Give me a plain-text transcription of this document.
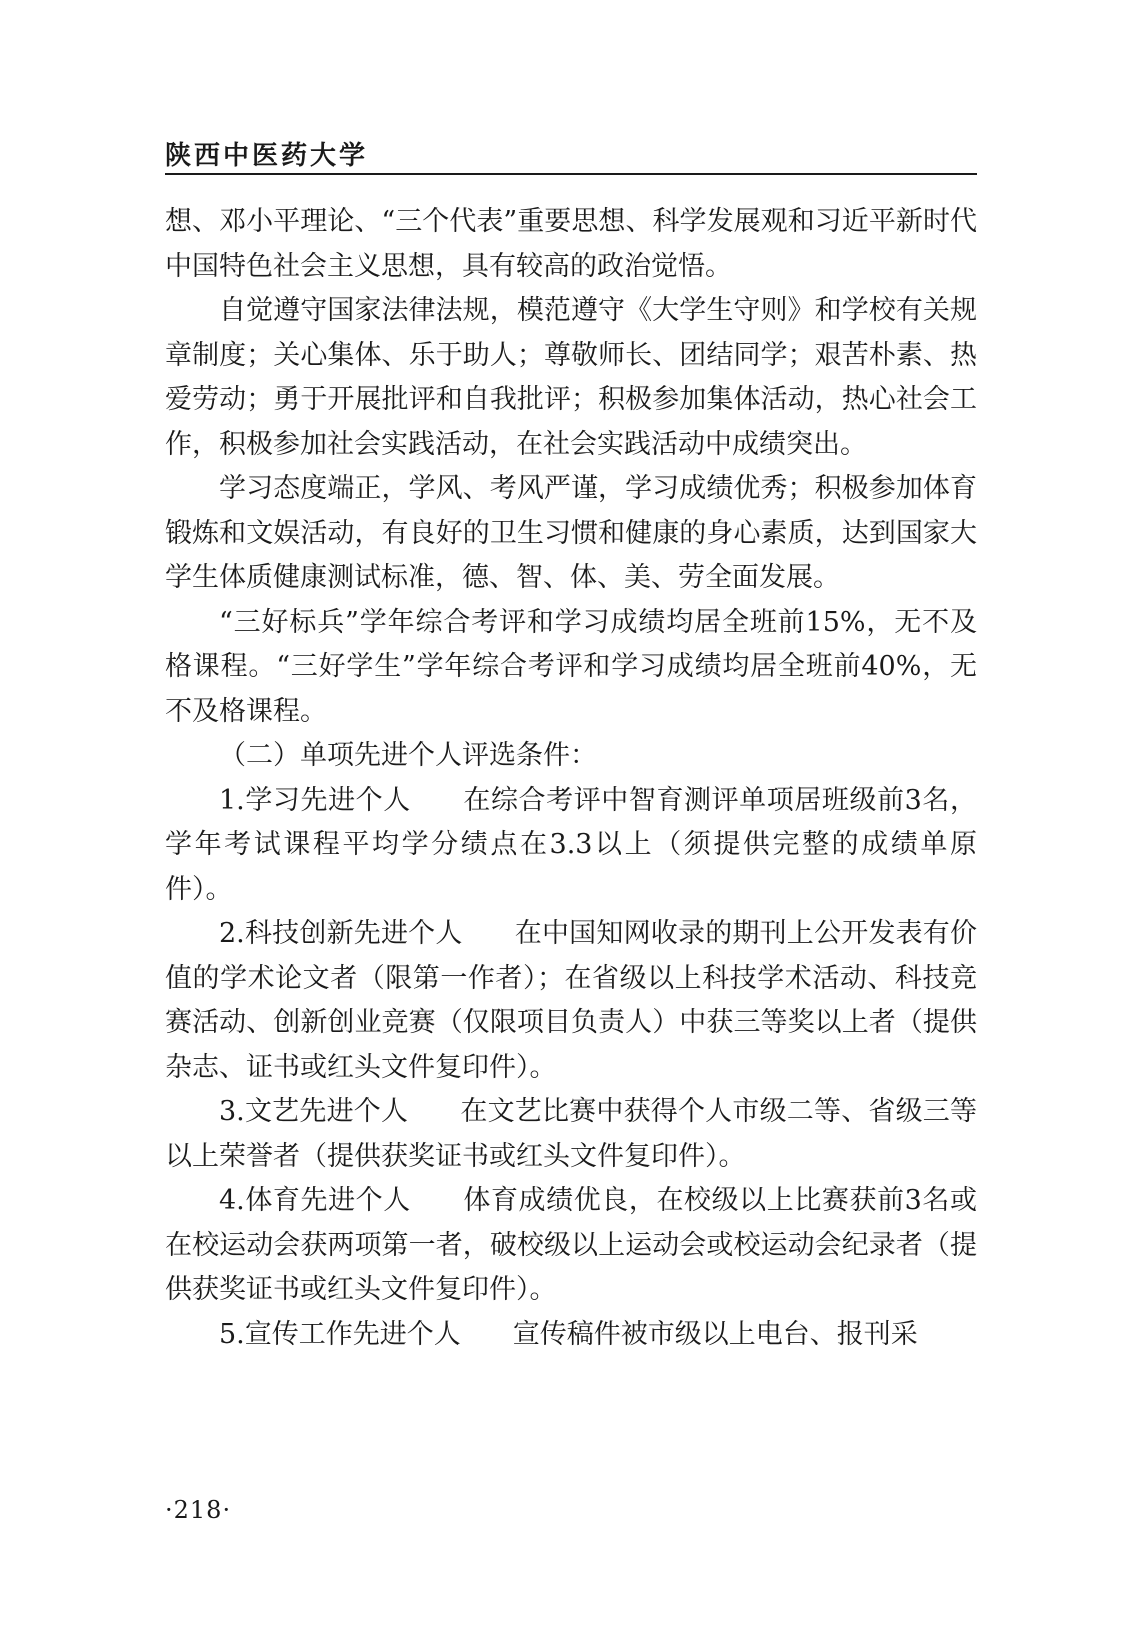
陕西中医药大学

想、邓小平理论、“三个代表”重要思想、科学发展观和习近平新时代中国特色社会主义思想，具有较高的政治觉悟。

自觉遵守国家法律法规，模范遵守《大学生守则》和学校有关规章制度；关心集体、乐于助人；尊敬师长、团结同学；艰苦朴素、热爱劳动；勇于开展批评和自我批评；积极参加集体活动，热心社会工作，积极参加社会实践活动，在社会实践活动中成绩突出。

学习态度端正，学风、考风严谨，学习成绩优秀；积极参加体育锻炼和文娱活动，有良好的卫生习惯和健康的身心素质，达到国家大学生体质健康测试标准，德、智、体、美、劳全面发展。

“三好标兵”学年综合考评和学习成绩均居全班前15%，无不及格课程。“三好学生”学年综合考评和学习成绩均居全班前40%，无不及格课程。

（二）单项先进个人评选条件：

1.学习先进个人 在综合考评中智育测评单项居班级前3名，学年考试课程平均学分绩点在3.3以上（须提供完整的成绩单原件）。

2.科技创新先进个人 在中国知网收录的期刊上公开发表有价值的学术论文者（限第一作者）；在省级以上科技学术活动、科技竞赛活动、创新创业竞赛（仅限项目负责人）中获三等奖以上者（提供杂志、证书或红头文件复印件）。

3.文艺先进个人 在文艺比赛中获得个人市级二等、省级三等以上荣誉者（提供获奖证书或红头文件复印件）。

4.体育先进个人 体育成绩优良，在校级以上比赛获前3名或在校运动会获两项第一者，破校级以上运动会或校运动会纪录者（提供获奖证书或红头文件复印件）。

5.宣传工作先进个人 宣传稿件被市级以上电台、报刊采

·218·
